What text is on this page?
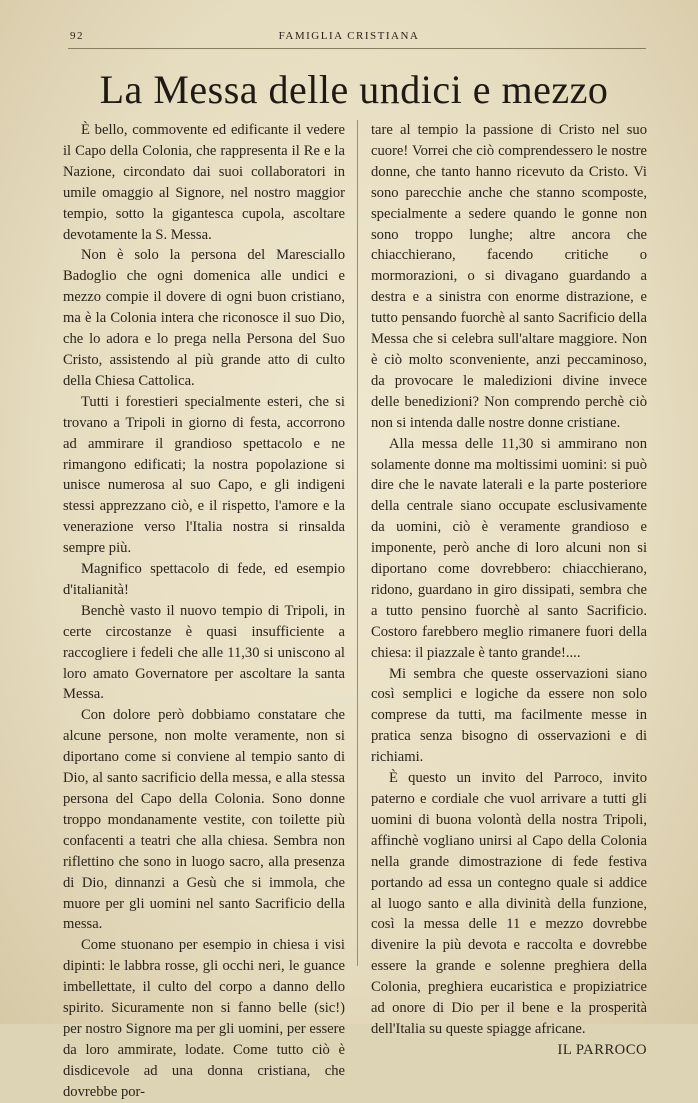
92	FAMIGLIA CRISTIANA
La Messa delle undici e mezzo

È bello, commovente ed edificante il vedere il Capo della Colonia, che rappresenta il Re e la Nazione, circondato dai suoi collaboratori in umile omaggio al Signore, nel nostro maggior tempio, sotto la gigantesca cupola, ascoltare devotamente la S. Messa.

Non è solo la persona del Maresciallo Badoglio che ogni domenica alle undici e mezzo compie il dovere di ogni buon cristiano, ma è la Colonia intera che riconosce il suo Dio, che lo adora e lo prega nella Persona del Suo Cristo, assistendo al più grande atto di culto della Chiesa Cattolica.

Tutti i forestieri specialmente esteri, che si trovano a Tripoli in giorno di festa, accorrono ad ammirare il grandioso spettacolo e ne rimangono edificati; la nostra popolazione si unisce numerosa al suo Capo, e gli indigeni stessi apprezzano ciò, e il rispetto, l'amore e la venerazione verso l'Italia nostra si rinsalda sempre più.

Magnifico spettacolo di fede, ed esempio d'italianità!

Benchè vasto il nuovo tempio di Tripoli, in certe circostanze è quasi insufficiente a raccogliere i fedeli che alle 11,30 si uniscono al loro amato Governatore per ascoltare la santa Messa.

Con dolore però dobbiamo constatare che alcune persone, non molte veramente, non si diportano come si conviene al tempio santo di Dio, al santo sacrificio della messa, e alla stessa persona del Capo della Colonia. Sono donne troppo mondanamente vestite, con toilette più confacenti a teatri che alla chiesa. Sembra non riflettino che sono in luogo sacro, alla presenza di Dio, dinnanzi a Gesù che si immola, che muore per gli uomini nel santo Sacrificio della messa.

Come stuonano per esempio in chiesa i visi dipinti: le labbra rosse, gli occhi neri, le guance imbellettate, il culto del corpo a danno dello spirito. Sicuramente non si fanno belle (sic!) per nostro Signore ma per gli uomini, per essere da loro ammirate, lodate. Come tutto ciò è disdicevole ad una donna cristiana, che dovrebbe por-

tare al tempio la passione di Cristo nel suo cuore! Vorrei che ciò comprendessero le nostre donne, che tanto hanno ricevuto da Cristo. Vi sono parecchie anche che stanno scomposte, specialmente a sedere quando le gonne non sono troppo lunghe; altre ancora che chiacchierano, facendo critiche o mormorazioni, o si divagano guardando a destra e a sinistra con enorme distrazione, e tutto pensando fuorchè al santo Sacrificio della Messa che si celebra sull'altare maggiore. Non è ciò molto sconveniente, anzi peccaminoso, da provocare le maledizioni divine invece delle benedizioni? Non comprendo perchè ciò non si intenda dalle nostre donne cristiane.

Alla messa delle 11,30 si ammirano non solamente donne ma moltissimi uomini: si può dire che le navate laterali e la parte posteriore della centrale siano occupate esclusivamente da uomini, ciò è veramente grandioso e imponente, però anche di loro alcuni non si diportano come dovrebbero: chiacchierano, ridono, guardano in giro dissipati, sembra che a tutto pensino fuorchè al santo Sacrificio. Costoro farebbero meglio rimanere fuori della chiesa: il piazzale è tanto grande!....

Mi sembra che queste osservazioni siano così semplici e logiche da essere non solo comprese da tutti, ma facilmente messe in pratica senza bisogno di osservazioni e di richiami.

È questo un invito del Parroco, invito paterno e cordiale che vuol arrivare a tutti gli uomini di buona volontà della nostra Tripoli, affinchè vogliano unirsi al Capo della Colonia nella grande dimostrazione di fede festiva portando ad essa un contegno quale si addice al luogo santo e alla divinità della funzione, così la messa delle 11 e mezzo dovrebbe divenire la più devota e raccolta e dovrebbe essere la grande e solenne preghiera della Colonia, preghiera eucaristica e propiziatrice ad onore di Dio per il bene e la prosperità dell'Italia su queste spiagge africane.
IL PARROCO
